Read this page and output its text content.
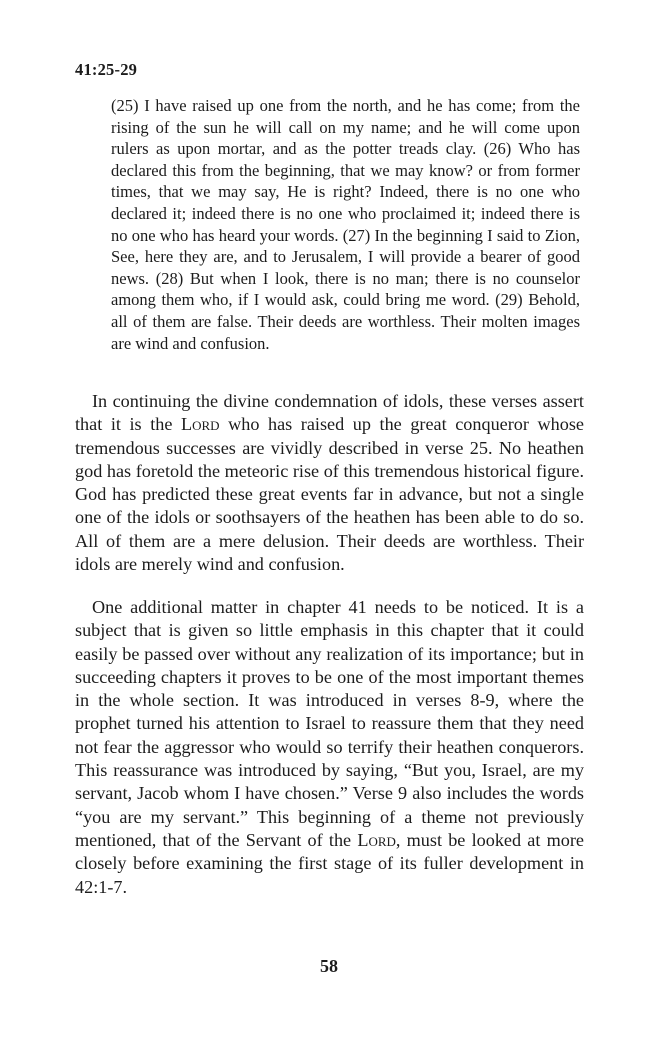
41:25-29

(25) I have raised up one from the north, and he has come; from the rising of the sun he will call on my name; and he will come upon rulers as upon mortar, and as the potter treads clay. (26) Who has declared this from the beginning, that we may know? or from former times, that we may say, He is right? Indeed, there is no one who declared it; indeed there is no one who proclaimed it; indeed there is no one who has heard your words. (27) In the beginning I said to Zion, See, here they are, and to Jerusalem, I will provide a bearer of good news. (28) But when I look, there is no man; there is no counselor among them who, if I would ask, could bring me word. (29) Behold, all of them are false. Their deeds are worthless. Their molten images are wind and confusion.

In continuing the divine condemnation of idols, these verses assert that it is the Lord who has raised up the great conqueror whose tremendous successes are vividly described in verse 25. No heathen god has foretold the meteoric rise of this tremendous historical figure. God has predicted these great events far in advance, but not a single one of the idols or soothsayers of the heathen has been able to do so. All of them are a mere delusion. Their deeds are worthless. Their idols are merely wind and confusion.

One additional matter in chapter 41 needs to be noticed. It is a subject that is given so little emphasis in this chapter that it could easily be passed over without any realization of its importance; but in succeeding chapters it proves to be one of the most important themes in the whole section. It was introduced in verses 8-9, where the prophet turned his attention to Israel to reassure them that they need not fear the aggressor who would so terrify their heathen conquerors. This reassurance was introduced by saying, “But you, Israel, are my servant, Jacob whom I have chosen.” Verse 9 also includes the words “you are my servant.” This beginning of a theme not previously mentioned, that of the Servant of the Lord, must be looked at more closely before examining the first stage of its fuller development in 42:1-7.

58
